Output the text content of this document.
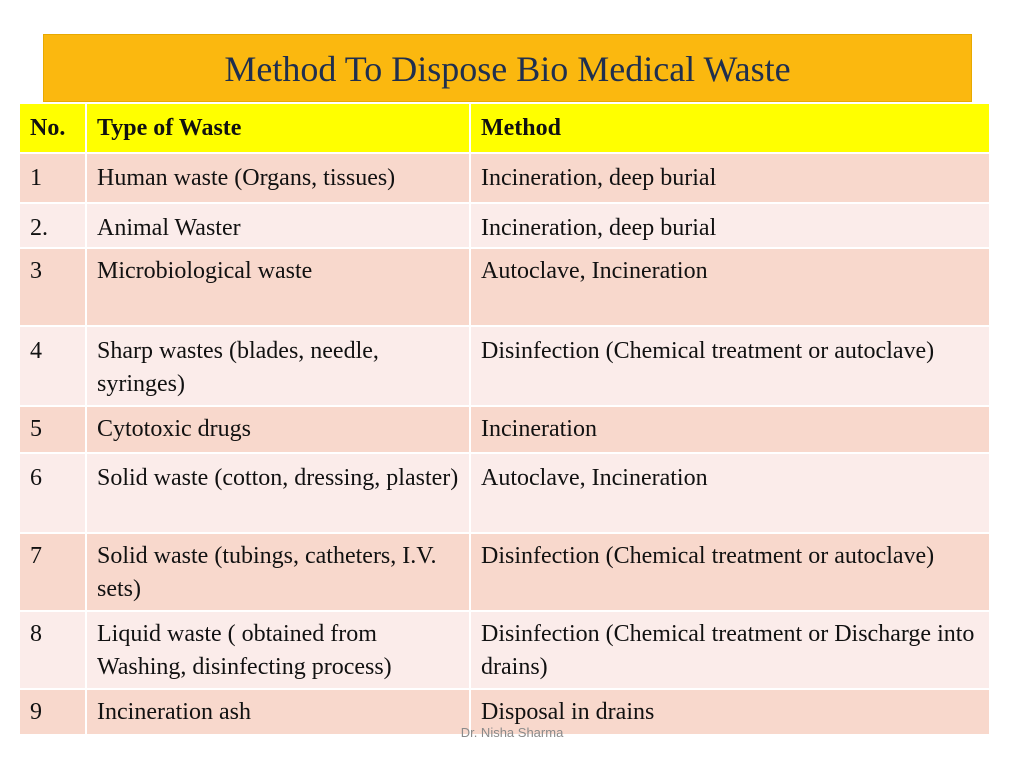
Method To Dispose Bio Medical Waste
No.	Type of Waste	Method
1	Human waste (Organs, tissues)	Incineration, deep burial
2.	Animal Waster	Incineration, deep burial
3	Microbiological waste	Autoclave, Incineration
4	Sharp wastes (blades, needle, syringes)	Disinfection (Chemical treatment or autoclave)
5	Cytotoxic drugs	Incineration
6	Solid waste (cotton, dressing, plaster)	Autoclave, Incineration
7	Solid waste (tubings, catheters, I.V. sets)	Disinfection (Chemical treatment or autoclave)
8	Liquid waste ( obtained from Washing, disinfecting process)	Disinfection (Chemical treatment or Discharge into drains)
9	Incineration ash	Disposal in drains
Dr. Nisha Sharma
